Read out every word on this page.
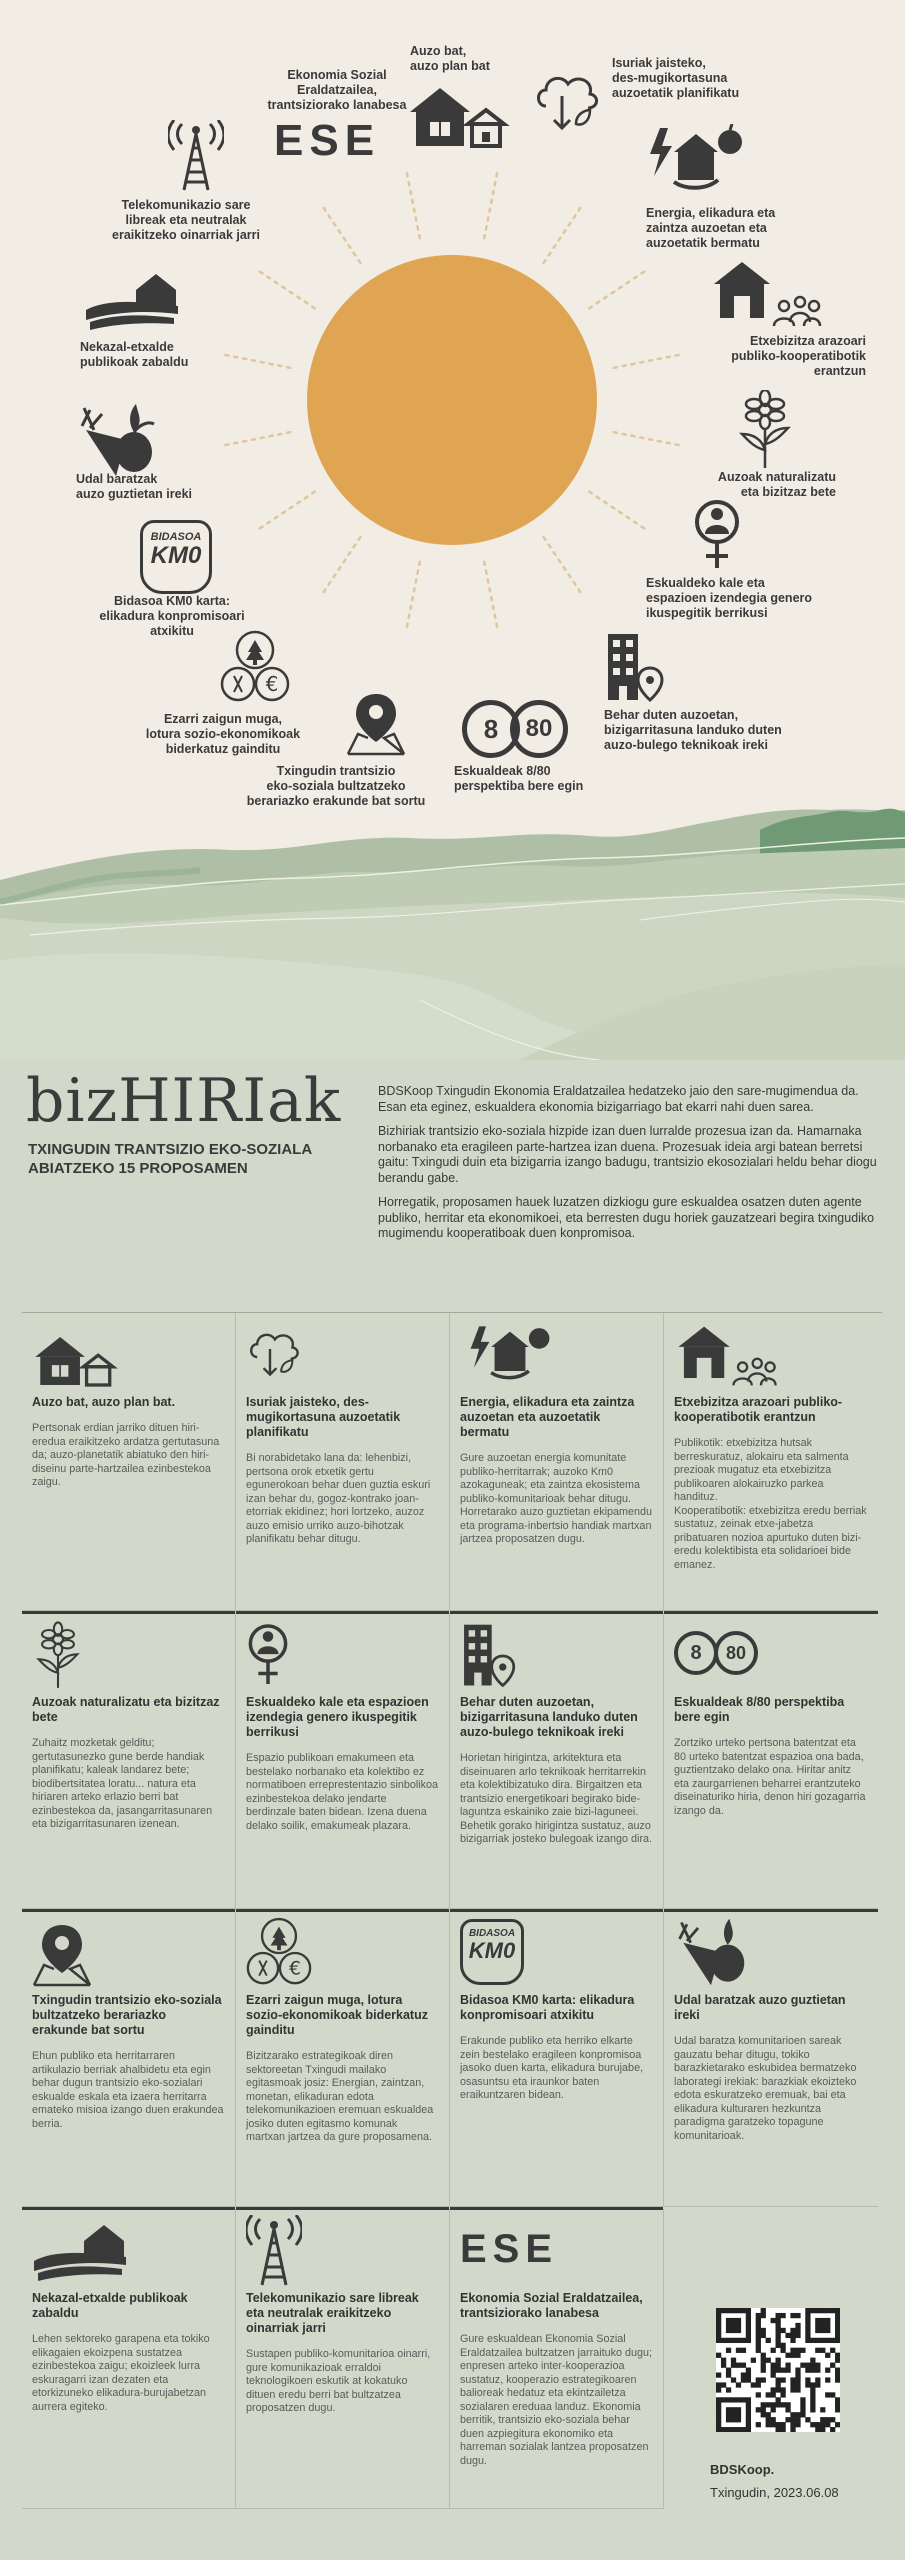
ESE
BIDASOA
KM0
€
8	80
Auzo bat,
auzo plan bat
Ekonomia Sozial
Eraldatzailea,
trantsiziorako lanabesa
Isuriak jaisteko,
des-mugikortasuna
auzoetatik planifikatu
Telekomunikazio sare
libreak eta neutralak
eraikitzeko oinarriak jarri
Energia, elikadura eta
zaintza auzoetan eta
auzoetatik bermatu
Nekazal-etxalde
publikoak zabaldu
Etxebizitza arazoari
publiko-kooperatibotik
erantzun
Udal baratzak
auzo guztietan ireki
Auzoak naturalizatu
eta bizitzaz bete
Bidasoa KM0 karta:
elikadura konpromisoari
atxikitu
Eskualdeko kale eta
espazioen izendegia genero
ikuspegitik berrikusi
Ezarri zaigun muga,
lotura sozio-ekonomikoak
biderkatuz gainditu
Behar duten auzoetan,
bizigarritasuna landuko duten
auzo-bulego teknikoak ireki
Txingudin trantsizio
eko-soziala bultzatzeko
berariazko erakunde bat sortu
Eskualdeak 8/80
perspektiba bere egin
bizHIRIak
TXINGUDIN TRANTSIZIO EKO-SOZIALA ABIATZEKO 15 PROPOSAMEN

BDSKoop Txingudin Ekonomia Eraldatzailea hedatzeko jaio den sare-mugimendua da. Esan eta eginez, eskualdera ekonomia bizigarriago bat ekarri nahi duen sarea.

Bizhiriak trantsizio eko-soziala hizpide izan duen lurralde prozesua izan da. Hamarnaka norbanako eta eragileen parte-hartzea izan duena. Prozesuak ideia argi batean berretsi gaitu: Txingudi duin eta bizigarria izango badugu, trantsizio ekosozialari heldu behar diogu berandu gabe.

Horregatik, proposamen hauek luzatzen dizkiogu gure eskualdea osatzen duten agente publiko, herritar eta ekonomikoei, eta berresten dugu horiek gauzatzeari begira txingudiko mugimendu kooperatiboak duen konpromisoa.

Auzo bat, auzo plan bat.

Pertsonak erdian jarriko dituen hiri-eredua eraikitzeko ardatza gertutasuna da; auzo-planetatik abiatuko den hiri-diseinu parte-hartzailea ezinbestekoa zaigu.

Isuriak jaisteko, des-mugikortasuna auzoetatik planifikatu

Bi norabidetako lana da: lehenbizi, pertsona orok etxetik gertu egunerokoan behar duen guztia eskuri izan behar du, gogoz-kontrako joan-etorriak ekidinez; hori lortzeko, auzoz auzo emisio urriko auzo-bihotzak planifikatu behar ditugu.

Energia, elikadura eta zaintza auzoetan eta auzoetatik bermatu

Gure auzoetan energia komunitate publiko-herritarrak; auzoko Km0 azokaguneak; eta zaintza ekosistema publiko-komunitarioak behar ditugu. Horretarako auzo guztietan ekipamendu eta programa-inbertsio handiak martxan jartzea proposatzen dugu.

Etxebizitza arazoari publiko-kooperatibotik erantzun

Publikotik: etxebizitza hutsak berreskuratuz, alokairu eta salmenta prezioak mugatuz eta etxebizitza publikoaren alokairuzko parkea handituz.
Kooperatibotik: etxebizitza eredu berriak sustatuz, zeinak etxe-jabetza pribatuaren nozioa apurtuko duten bizi-eredu kolektibista eta solidarioei bide emanez.

Auzoak naturalizatu eta bizitzaz bete

Zuhaitz mozketak gelditu; gertutasunezko gune berde handiak planifikatu; kaleak landarez bete; biodibertsitatea loratu... natura eta hiriaren arteko erlazio berri bat ezinbestekoa da, jasangarritasunaren eta bizigarritasunaren izenean.

Eskualdeko kale eta espazioen izendegia genero ikuspegitik berrikusi

Espazio publikoan emakumeen eta bestelako norbanako eta kolektibo ez normatiboen erreprestentazio sinbolikoa ezinbestekoa delako jendarte berdinzale baten bidean. Izena duena delako soilik, emakumeak plazara.

Behar duten auzoetan, bizigarritasuna landuko duten auzo-bulego teknikoak ireki

Horietan hirigintza, arkitektura eta diseinuaren arlo teknikoak herritarrekin eta kolektibizatuko dira. Birgaitzen eta trantsizio energetikoari begirako bide-laguntza eskainiko zaie bizi-laguneei. Behetik gorako hirigintza sustatuz, auzo bizigarriak josteko bulegoak izango dira.

8	80
Eskualdeak 8/80 perspektiba bere egin

Zortziko urteko pertsona batentzat eta 80 urteko batentzat espazioa ona bada, guztientzako delako ona. Hiritar anitz eta zaurgarrienen beharrei erantzuteko diseinaturiko hiria, denon hiri gozagarria izango da.

Txingudin trantsizio eko-soziala bultzatzeko berariazko erakunde bat sortu

Ehun publiko eta herritarraren artikulazio berriak ahalbidetu eta egin behar dugun trantsizio eko-sozialari eskualde eskala eta izaera herritarra emateko misioa izango duen erakundea berria.

€
Ezarri zaigun muga, lotura sozio-ekonomikoak biderkatuz gainditu

Bizitzarako estrategikoak diren sektoreetan Txingudi mailako egitasmoak josiz: Energian, zaintzan, monetan, elikaduran edota telekomunikazioen eremuan eskualdea josiko duten egitasmo komunak martxan jartzea da gure proposamena.

BIDASOA
KM0
Bidasoa KM0 karta: elikadura konpromisoari atxikitu

Erakunde publiko eta herriko elkarte zein bestelako eragileen konpromisoa jasoko duen karta, elikadura burujabe, osasuntsu eta iraunkor baten eraikuntzaren bidean.

Udal baratzak auzo guztietan ireki

Udal baratza komunitarioen sareak gauzatu behar ditugu, tokiko barazkietarako eskubidea bermatzeko laborategi irekiak: barazkiak ekoizteko edota eskuratzeko eremuak, bai eta elikadura kulturaren hezkuntza paradigma garatzeko topagune komunitarioak.

Nekazal-etxalde publikoak zabaldu

Lehen sektoreko garapena eta tokiko elikagaien ekoizpena sustatzea ezinbestekoa zaigu; ekoizleek lurra eskuragarri izan dezaten eta etorkizuneko elikadura-burujabetzan aurrera egiteko.

Telekomunikazio sare libreak eta neutralak eraikitzeko oinarriak jarri

Sustapen publiko-komunitarioa oinarri, gure komunikazioak erraldoi teknologikoen eskutik at kokatuko dituen eredu berri bat bultzatzea proposatzen dugu.

ESE
Ekonomia Sozial Eraldatzailea, trantsiziorako lanabesa

Gure eskualdean Ekonomia Sozial Eraldatzailea bultzatzen jarraituko dugu; enpresen arteko inter-kooperazioa sustatuz, kooperazio estrategikoaren balioreak hedatuz eta ekintzailetza sozialaren ereduaa landuz. Ekonomia berritik, trantsizio eko-soziala behar duen azpiegitura ekonomiko eta harreman sozialak lantzea proposatzen dugu.

BDSKoop.
Txingudin, 2023.06.08
